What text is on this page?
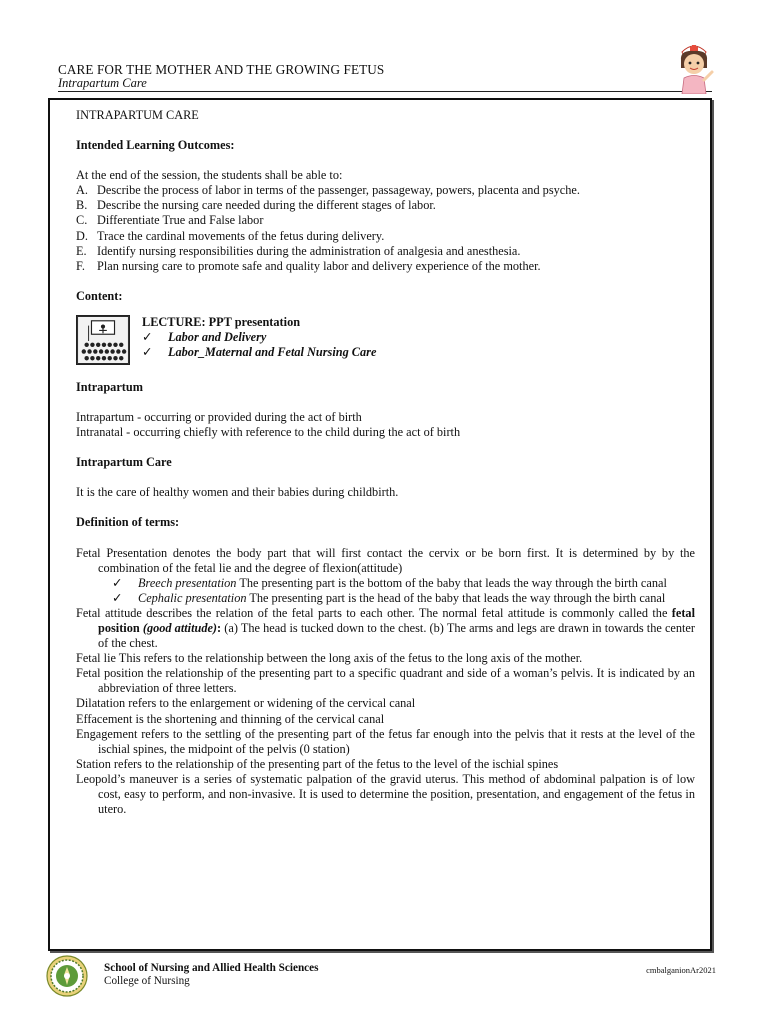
CARE FOR THE MOTHER AND THE GROWING FETUS
Intrapartum Care

INTRAPARTUM CARE

Intended Learning Outcomes:

At the end of the session, the students shall be able to:

A. Describe the process of labor in terms of the passenger, passageway, powers, placenta and psyche.
B. Describe the nursing care needed during the different stages of labor.
C. Differentiate True and False labor
D. Trace the cardinal movements of the fetus during delivery.
E. Identify nursing responsibilities during the administration of analgesia and anesthesia.
F. Plan nursing care to promote safe and quality labor and delivery experience of the mother.

Content:

LECTURE: PPT presentation

✓	Labor and Delivery
✓	Labor_Maternal and Fetal Nursing Care

Intrapartum

Intrapartum - occurring or provided during the act of birth

Intranatal - occurring chiefly with reference to the child during the act of birth

Intrapartum Care

It is the care of healthy women and their babies during childbirth.

Definition of terms:

Fetal Presentation denotes the body part that will first contact the cervix or be born first. It is determined by by the combination of the fetal lie and the degree of flexion(attitude)

✓	Breech presentation The presenting part is the bottom of the baby that leads the way through the birth canal
✓	Cephalic presentation The presenting part is the head of the baby that leads the way through the birth canal

Fetal attitude describes the relation of the fetal parts to each other. The normal fetal attitude is commonly called the fetal position (good attitude): (a) The head is tucked down to the chest. (b) The arms and legs are drawn in towards the center of the chest.

Fetal lie This refers to the relationship between the long axis of the fetus to the long axis of the mother.

Fetal position the relationship of the presenting part to a specific quadrant and side of a woman’s pelvis. It is indicated by an abbreviation of three letters.

Dilatation refers to the enlargement or widening of the cervical canal

Effacement is the shortening and thinning of the cervical canal

Engagement refers to the settling of the presenting part of the fetus far enough into the pelvis that it rests at the level of the ischial spines, the midpoint of the pelvis (0 station)

Station refers to the relationship of the presenting part of the fetus to the level of the ischial spines

Leopold’s maneuver is a series of systematic palpation of the gravid uterus. This method of abdominal palpation is of low cost, easy to perform, and non-invasive. It is used to determine the position, presentation, and engagement of the fetus in utero.

School of Nursing and Allied Health Sciences
College of Nursing
cmbalganionAr2021
